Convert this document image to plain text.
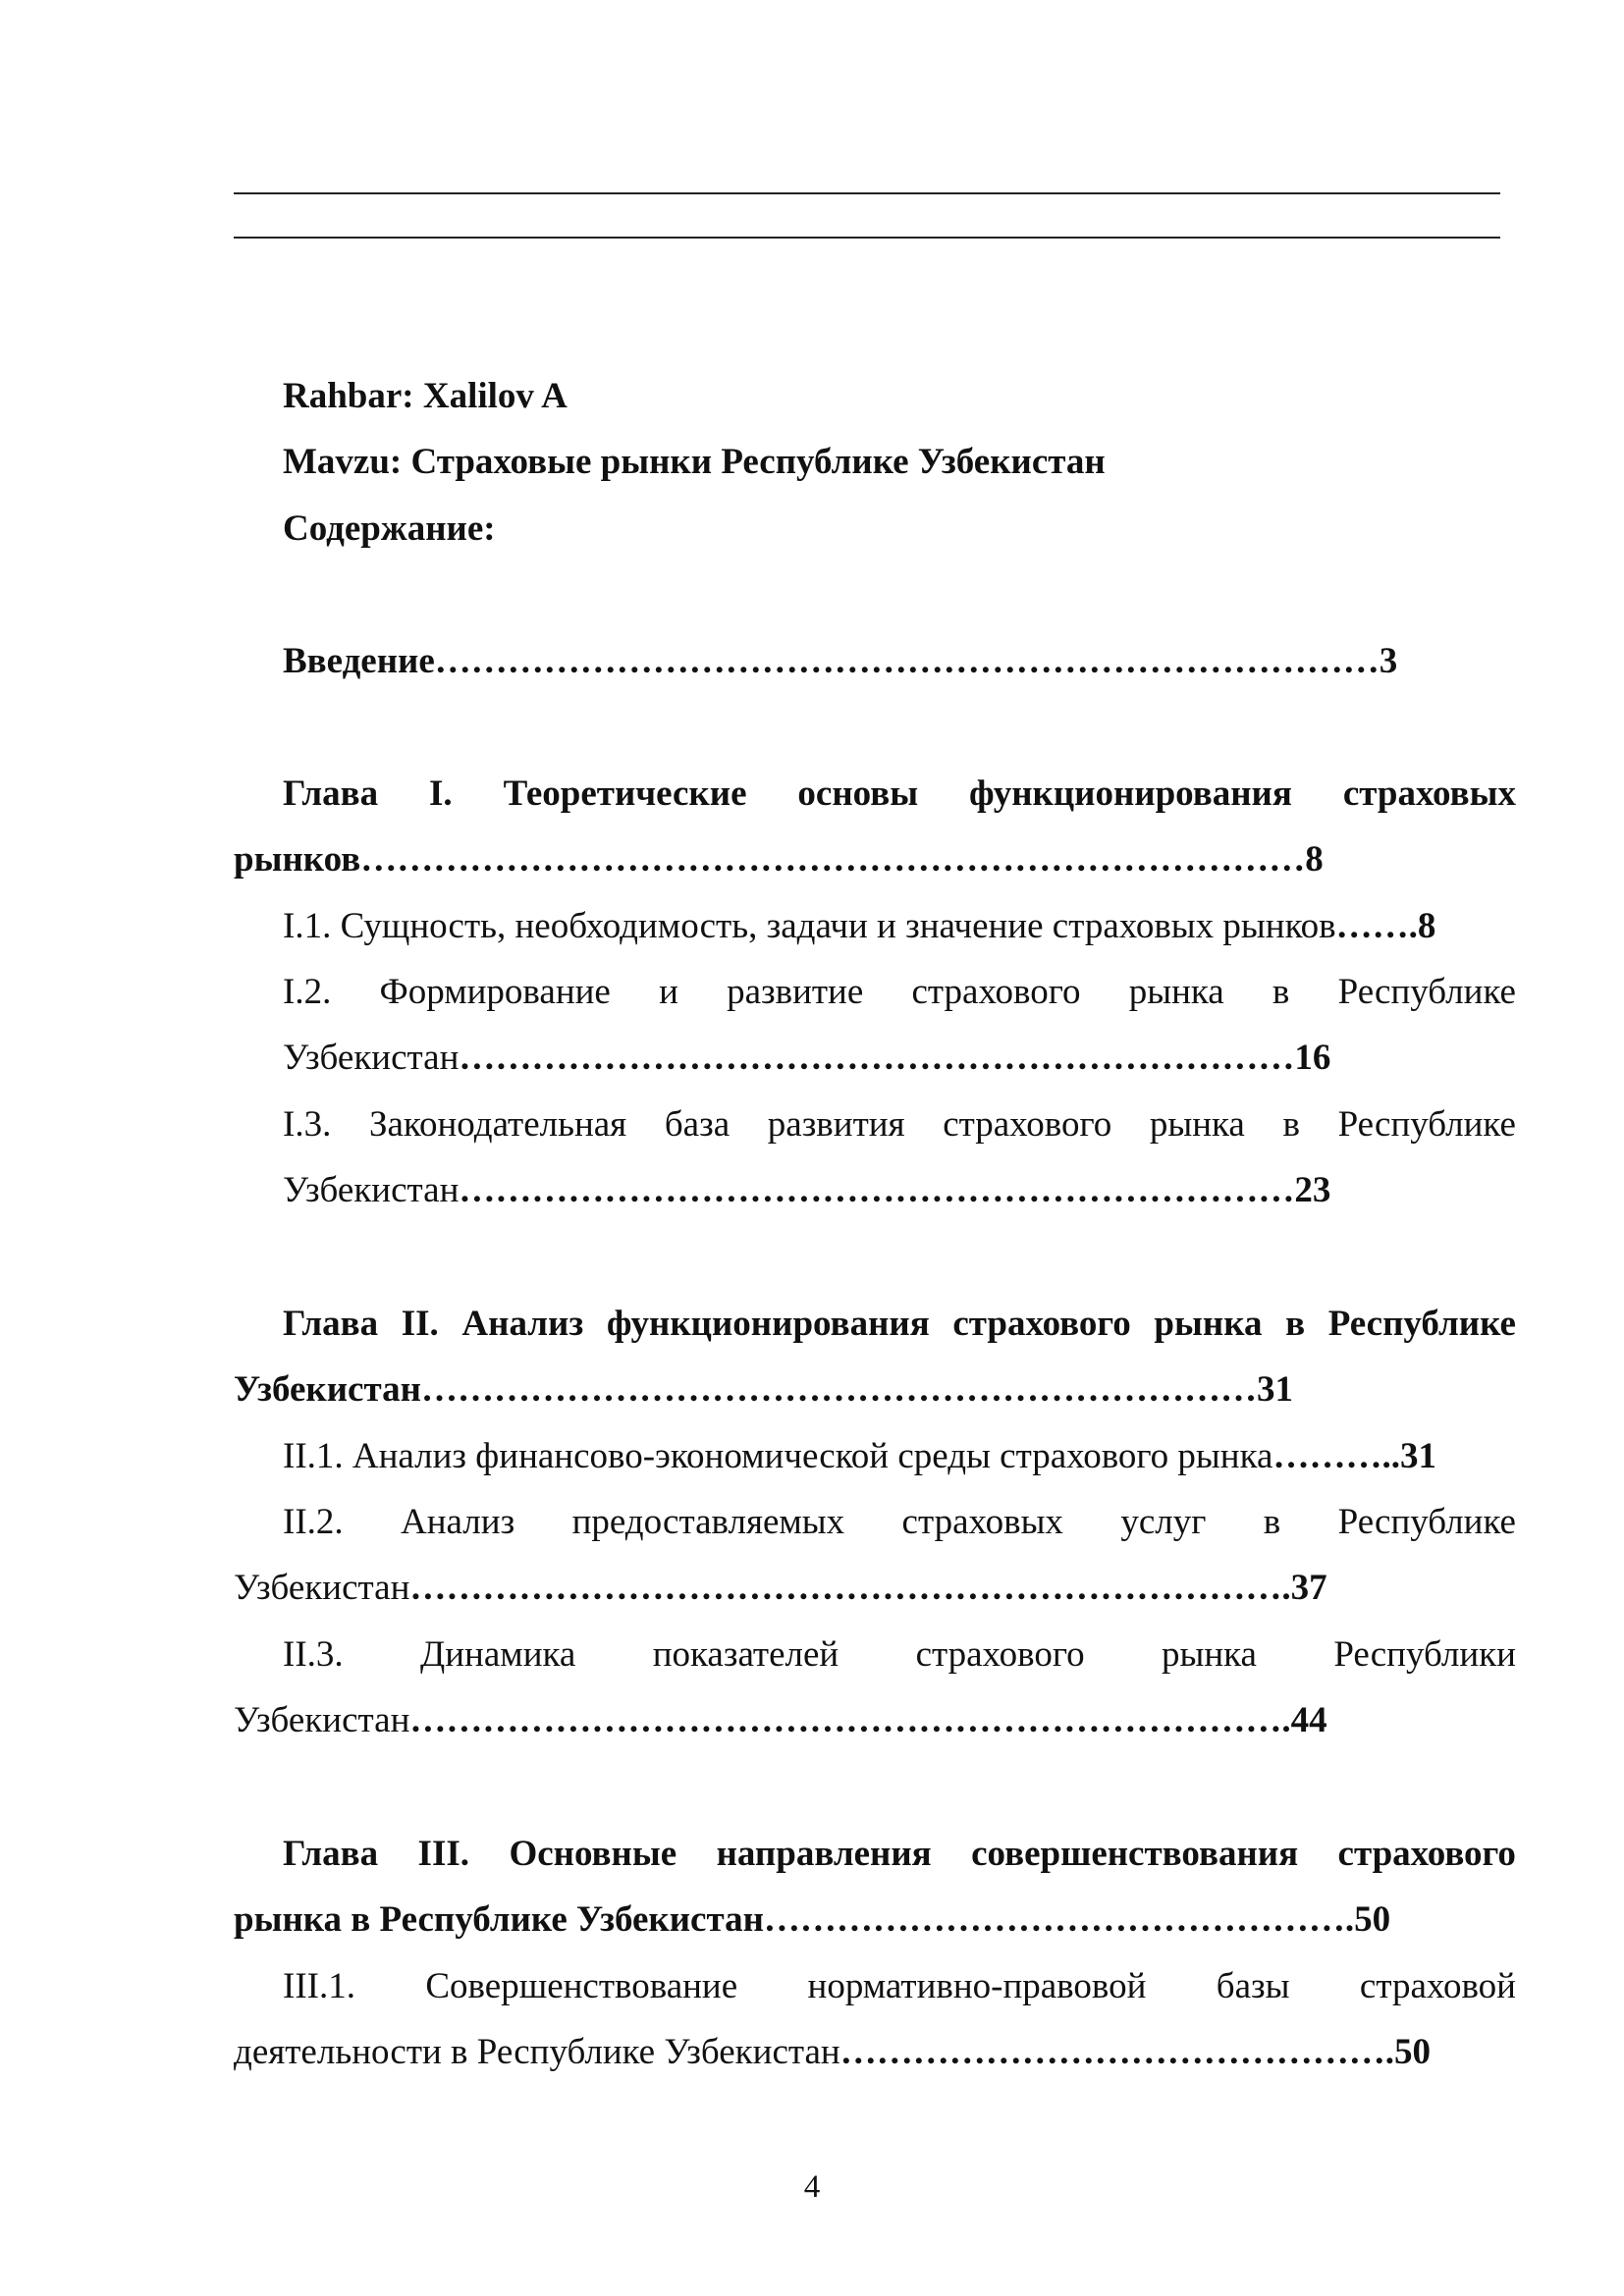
Rahbar: Xalilov A
Mavzu: Страховые рынки Республике Узбекистан
Содержание:
Введение……………………………………………………………………3
Глава I. Теоретические основы функционирования страховых
рынков……………………………………………………………………8
I.1. Сущность, необходимость, задачи и значение страховых рынков…….8
I.2. Формирование и развитие страхового рынка в Республике
Узбекистан……………………………………………………………16
I.3. Законодательная база развития страхового рынка в Республике
Узбекистан……………………………………………………………23
Глава II. Анализ функционирования страхового рынка в Республике
Узбекистан……………………………………………………………31
II.1. Анализ финансово-экономической среды страхового рынка………..31
II.2. Анализ предоставляемых страховых услуг в Республике
Узбекистан……………………………………………………………….37
II.3. Динамика показателей страхового рынка Республики
Узбекистан……………………………………………………………….44
Глава III. Основные направления совершенствования страхового
рынка в Республике Узбекистан………………………………………….50
III.1. Совершенствование нормативно-правовой базы страховой
деятельности в Республике Узбекистан……………………………………….50
4
